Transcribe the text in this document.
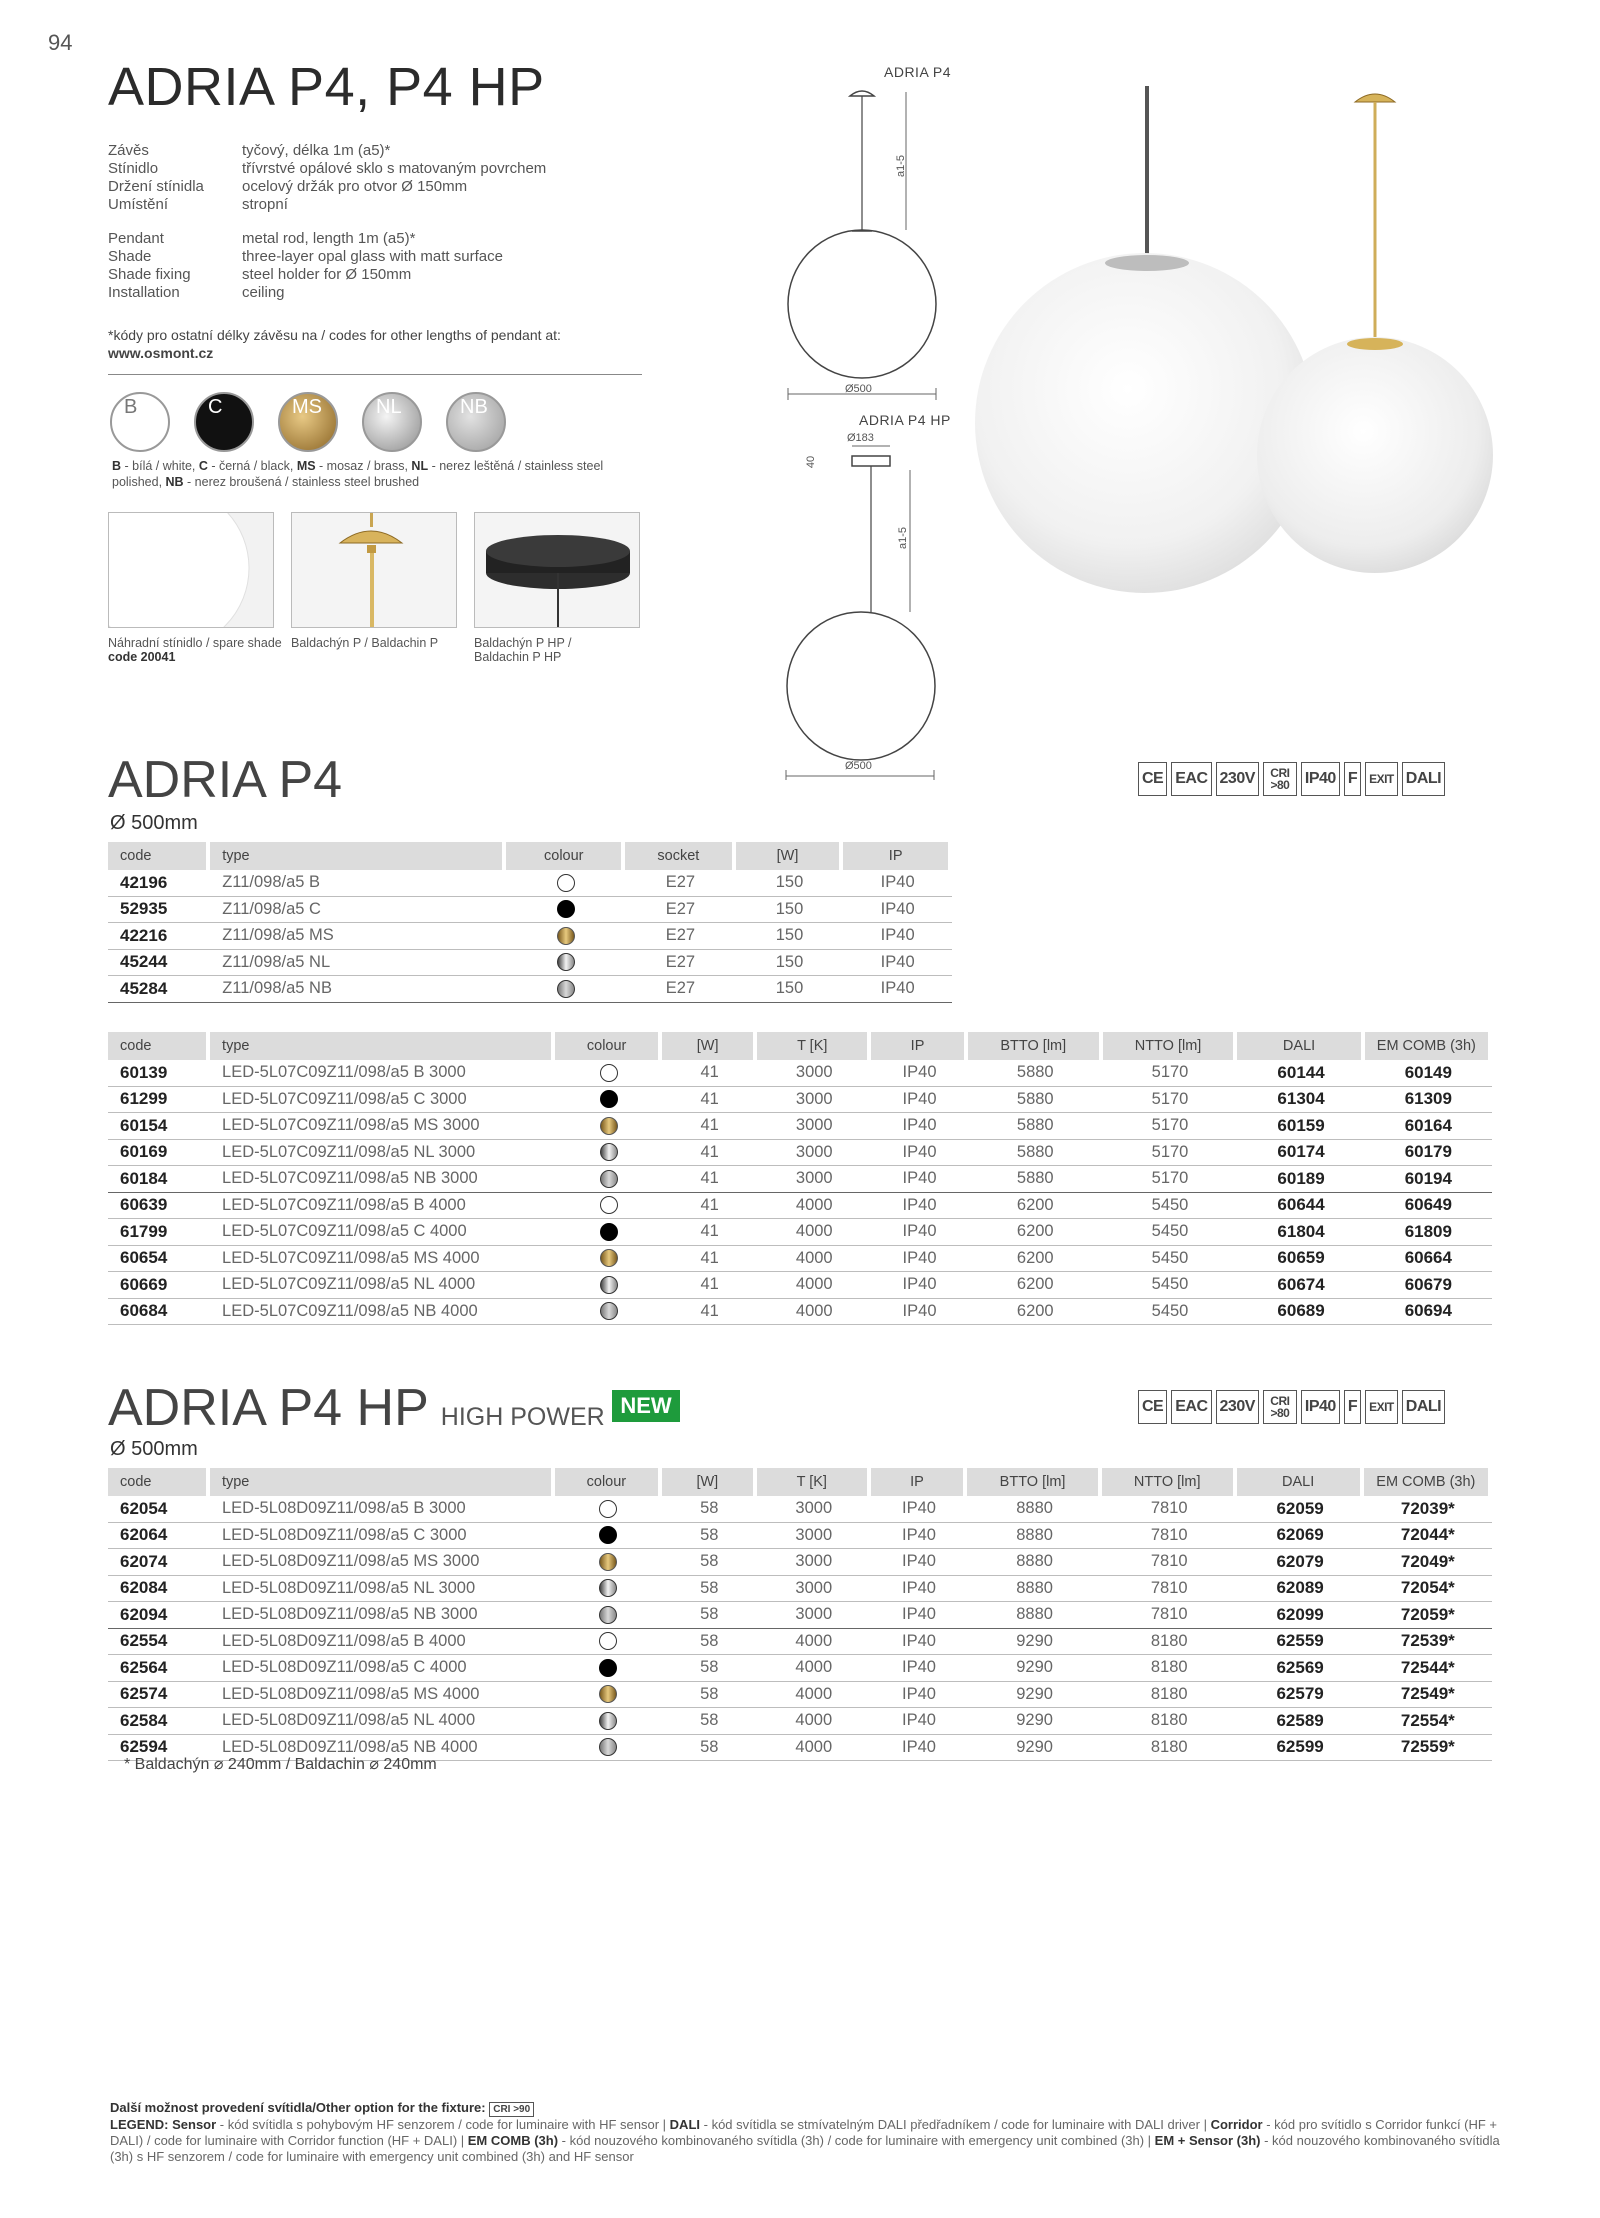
94
ADRIA P4, P4 HP
Závěs	tyčový, délka 1m (a5)*
Stínidlo	třívrstvé opálové sklo s matovaným povrchem
Držení stínidla	ocelový držák pro otvor Ø 150mm
Umístění	stropní
Pendant	metal rod, length 1m (a5)*
Shade	three-layer opal glass with matt surface
Shade fixing	steel holder for Ø 150mm
Installation	ceiling
*kódy pro ostatní délky závěsu na / codes for other lengths of pendant at:
www.osmont.cz
B	C	MS	NL	NB
B - bílá / white, C - černá / black, MS - mosaz / brass, NL - nerez leštěná / stainless steel polished, NB - nerez broušená / stainless steel brushed
Náhradní stínidlo / spare shade
code 20041
Baldachýn P / Baldachin P	Baldachýn P HP / Baldachin P HP
ADRIA P4
a1-5
Ø500
ADRIA P4 HP
Ø183
40
a1-5
Ø500
ADRIA P4
Ø 500mm
CE EAC 230V	CRI >80 IP40 F	EXIT DALI
code	type	colour	socket	[W]	IP
42196	Z11/098/a5 B		E27	150	IP40
52935	Z11/098/a5 C		E27	150	IP40
42216	Z11/098/a5 MS		E27	150	IP40
45244	Z11/098/a5 NL		E27	150	IP40
45284	Z11/098/a5 NB		E27	150	IP40
code	type	colour	[W]	T [K]	IP	BTTO [lm]	NTTO [lm]	DALI	EM COMB (3h)
60139	LED-5L07C09Z11/098/a5 B 3000		41	3000	IP40	5880	5170	60144	60149
61299	LED-5L07C09Z11/098/a5 C 3000		41	3000	IP40	5880	5170	61304	61309
60154	LED-5L07C09Z11/098/a5 MS 3000		41	3000	IP40	5880	5170	60159	60164
60169	LED-5L07C09Z11/098/a5 NL 3000		41	3000	IP40	5880	5170	60174	60179
60184	LED-5L07C09Z11/098/a5 NB 3000		41	3000	IP40	5880	5170	60189	60194
60639	LED-5L07C09Z11/098/a5 B 4000		41	4000	IP40	6200	5450	60644	60649
61799	LED-5L07C09Z11/098/a5 C 4000		41	4000	IP40	6200	5450	61804	61809
60654	LED-5L07C09Z11/098/a5 MS 4000		41	4000	IP40	6200	5450	60659	60664
60669	LED-5L07C09Z11/098/a5 NL 4000		41	4000	IP40	6200	5450	60674	60679
60684	LED-5L07C09Z11/098/a5 NB 4000		41	4000	IP40	6200	5450	60689	60694
ADRIA P4 HP HIGH POWER NEW
Ø 500mm
CE EAC 230V	CRI >80 IP40 F	EXIT DALI
code	type	colour	[W]	T [K]	IP	BTTO [lm]	NTTO [lm]	DALI	EM COMB (3h)
62054	LED-5L08D09Z11/098/a5 B 3000		58	3000	IP40	8880	7810	62059	72039*
62064	LED-5L08D09Z11/098/a5 C 3000		58	3000	IP40	8880	7810	62069	72044*
62074	LED-5L08D09Z11/098/a5 MS 3000		58	3000	IP40	8880	7810	62079	72049*
62084	LED-5L08D09Z11/098/a5 NL 3000		58	3000	IP40	8880	7810	62089	72054*
62094	LED-5L08D09Z11/098/a5 NB 3000		58	3000	IP40	8880	7810	62099	72059*
62554	LED-5L08D09Z11/098/a5 B 4000		58	4000	IP40	9290	8180	62559	72539*
62564	LED-5L08D09Z11/098/a5 C 4000		58	4000	IP40	9290	8180	62569	72544*
62574	LED-5L08D09Z11/098/a5 MS 4000		58	4000	IP40	9290	8180	62579	72549*
62584	LED-5L08D09Z11/098/a5 NL 4000		58	4000	IP40	9290	8180	62589	72554*
62594	LED-5L08D09Z11/098/a5 NB 4000		58	4000	IP40	9290	8180	62599	72559*
* Baldachýn ⌀ 240mm / Baldachin ⌀ 240mm
Další možnost provedení svítidla/Other option for the fixture: CRI >90
LEGEND: Sensor - kód svítidla s pohybovým HF senzorem / code for luminaire with HF sensor | DALI - kód svítidla se stmívatelným DALI předřadníkem / code for luminaire with DALI driver | Corridor - kód pro svítidlo s Corridor funkcí (HF + DALI) / code for luminaire with Corridor function (HF + DALI) | EM COMB (3h) - kód nouzového kombinovaného svítidla (3h) / code for luminaire with emergency unit combined (3h) | EM + Sensor (3h) - kód nouzového kombinovaného svítidla (3h) s HF senzorem / code for luminaire with emergency unit combined (3h) and HF sensor
